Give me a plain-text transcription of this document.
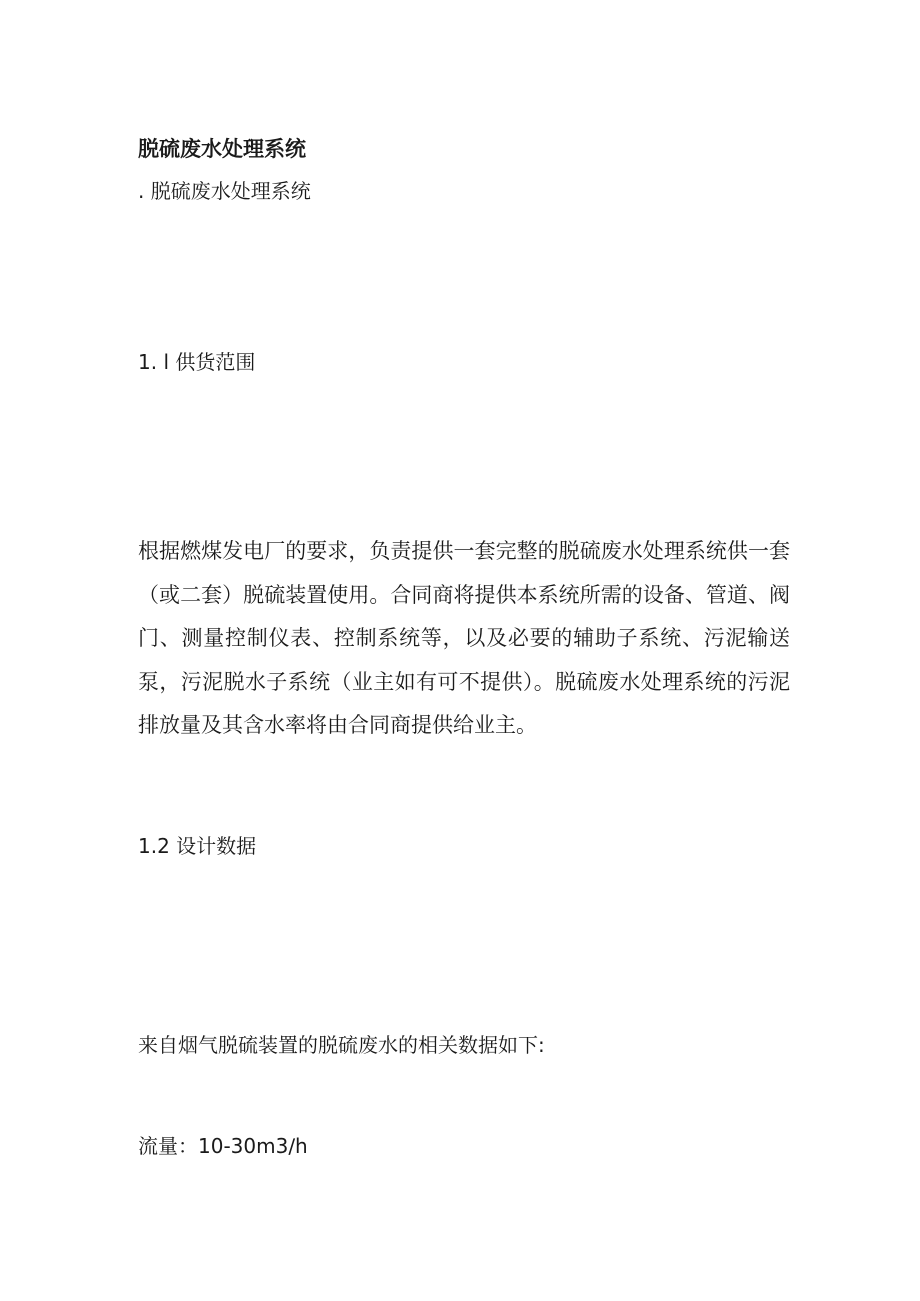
脱硫废水处理系统
. 脱硫废水处理系统
1. l 供货范围
根据燃煤发电厂的要求，负责提供一套完整的脱硫废水处理系统供一套（或二套）脱硫装置使用。合同商将提供本系统所需的设备、管道、阀门、测量控制仪表、控制系统等，以及必要的辅助子系统、污泥输送泵，污泥脱水子系统（业主如有可不提供）。脱硫废水处理系统的污泥排放量及其含水率将由合同商提供给业主。
1.2 设计数据
来自烟气脱硫装置的脱硫废水的相关数据如下:
流量：10-30m3∕h
